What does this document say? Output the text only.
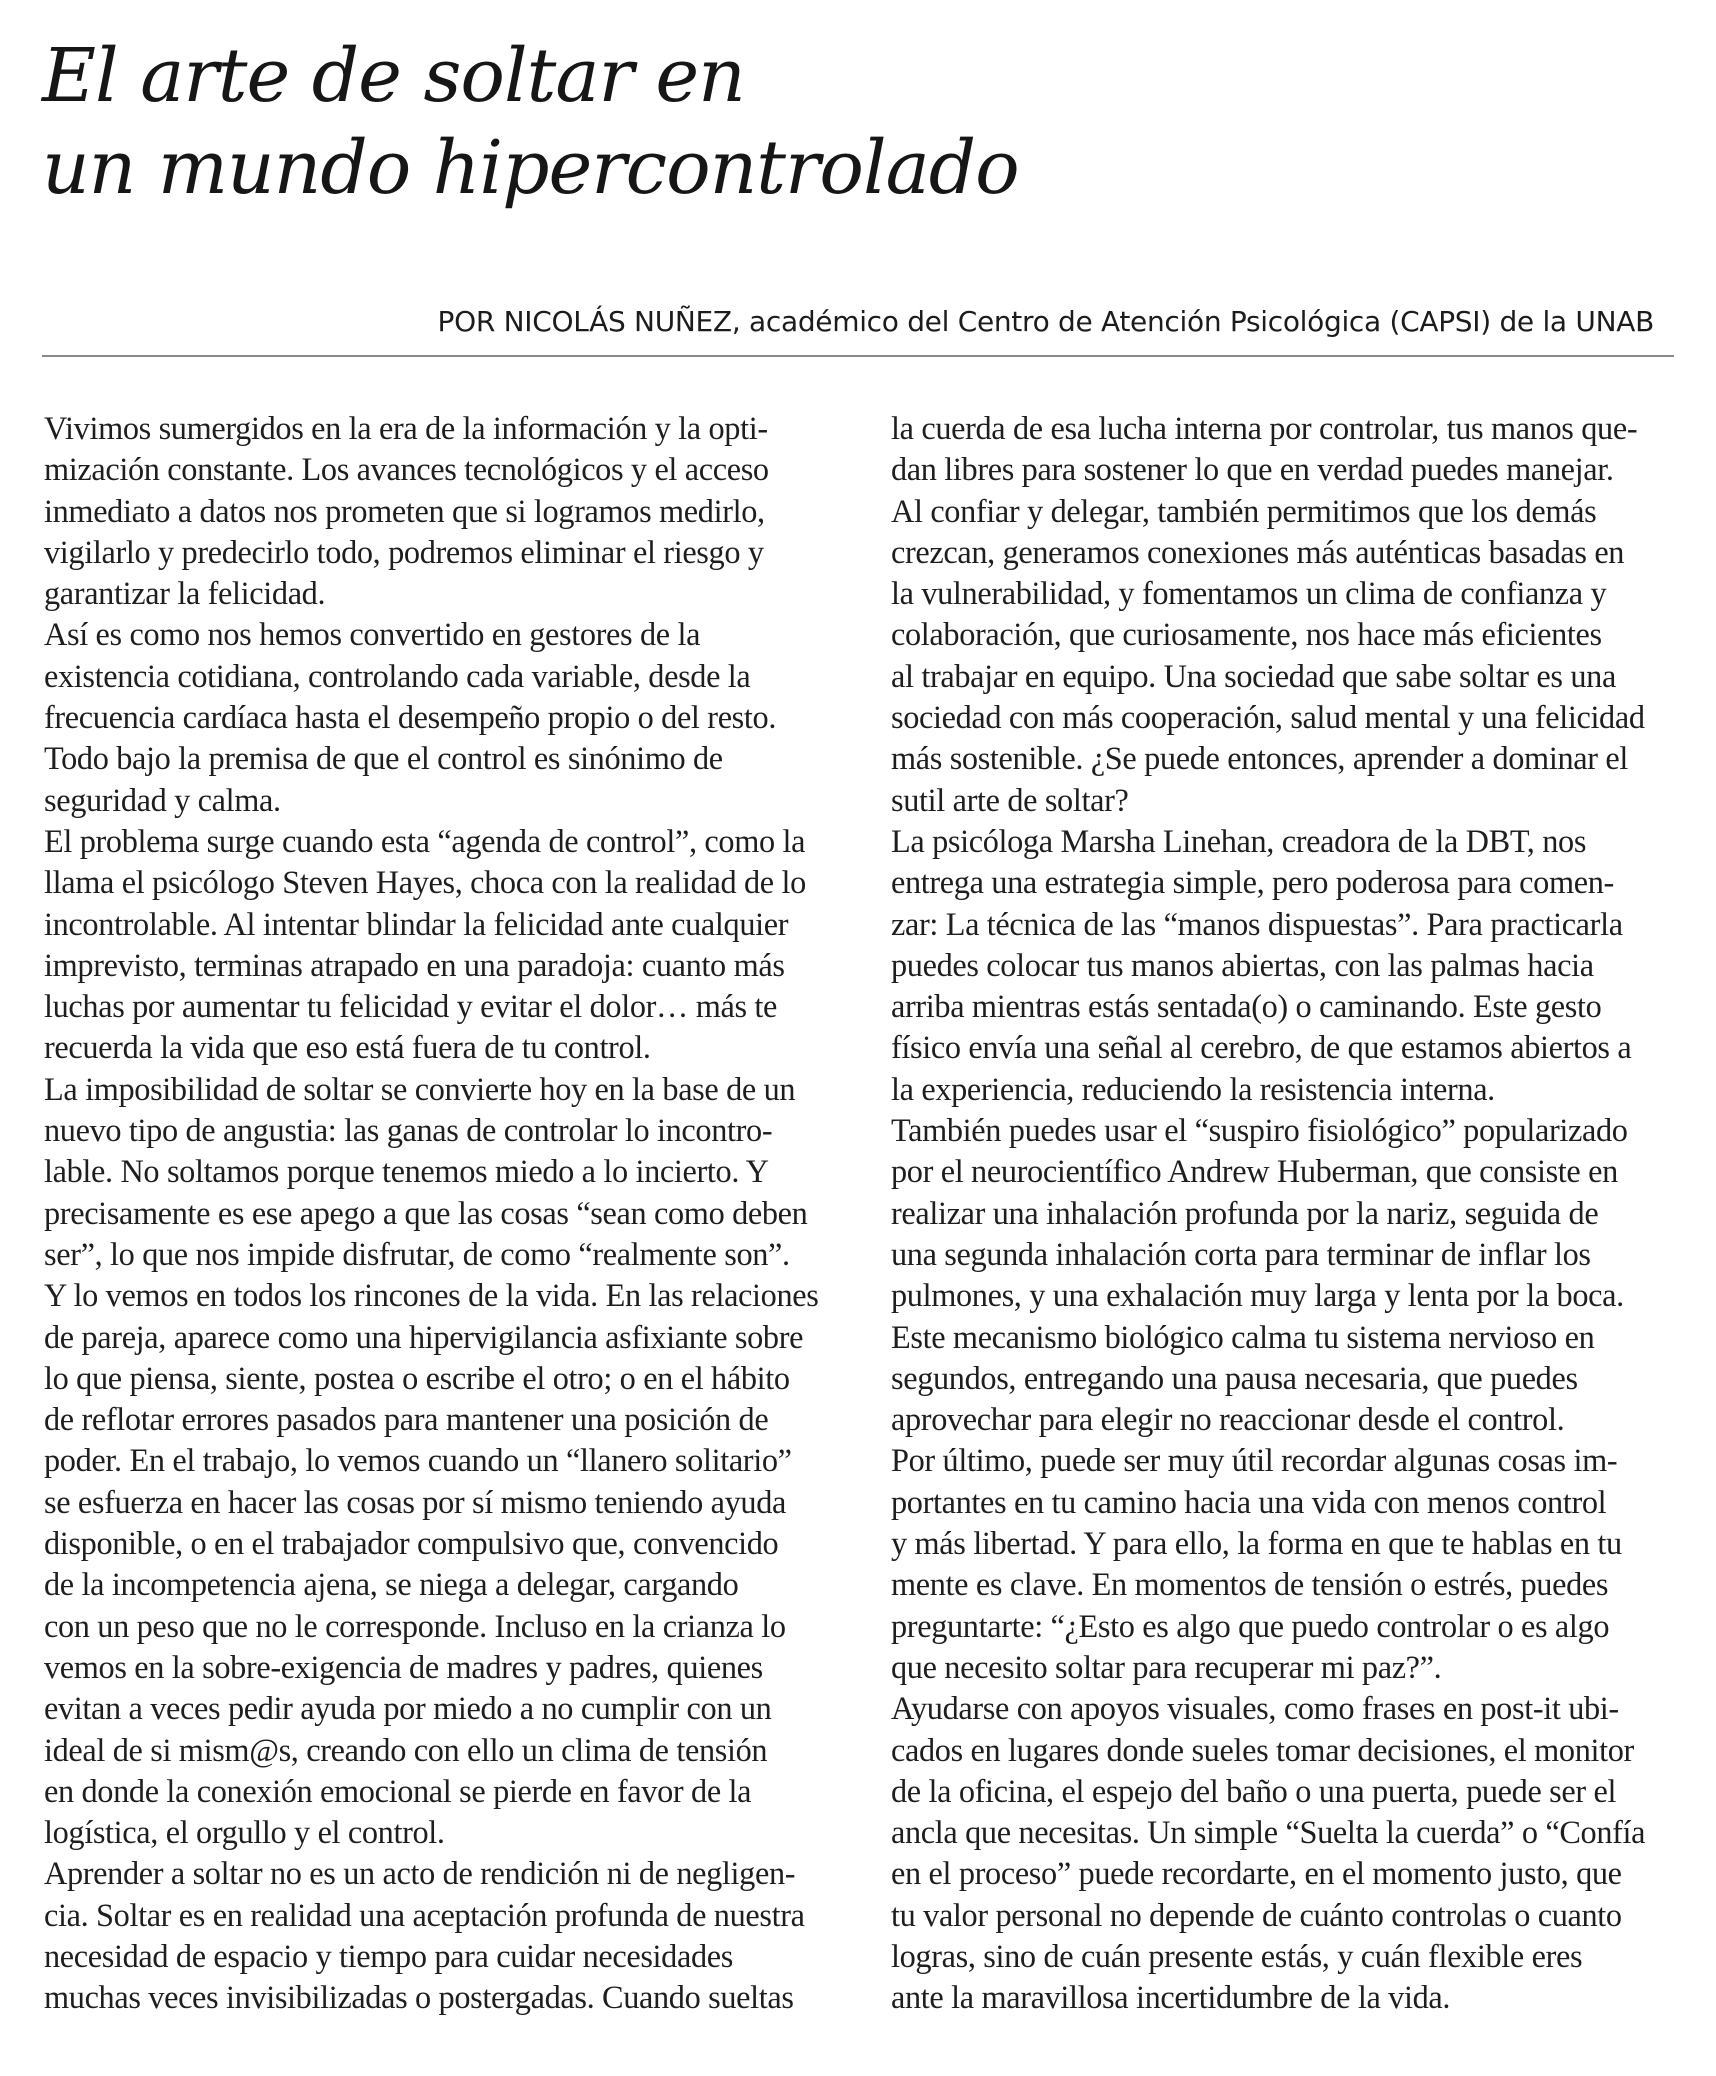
El arte de soltar en
un mundo hipercontrolado

POR NICOLÁS NUÑEZ, académico del Centro de Atención Psicológica (CAPSI) de la UNAB

Vivimos sumergidos en la era de la información y la opti-
mización constante. Los avances tecnológicos y el acceso
inmediato a datos nos prometen que si logramos medirlo,
vigilarlo y predecirlo todo, podremos eliminar el riesgo y
garantizar la felicidad.

Así es como nos hemos convertido en gestores de la
existencia cotidiana, controlando cada variable, desde la
frecuencia cardíaca hasta el desempeño propio o del resto.
Todo bajo la premisa de que el control es sinónimo de
seguridad y calma.

El problema surge cuando esta “agenda de control”, como la
llama el psicólogo Steven Hayes, choca con la realidad de lo
incontrolable. Al intentar blindar la felicidad ante cualquier
imprevisto, terminas atrapado en una paradoja: cuanto más
luchas por aumentar tu felicidad y evitar el dolor… más te
recuerda la vida que eso está fuera de tu control.

La imposibilidad de soltar se convierte hoy en la base de un
nuevo tipo de angustia: las ganas de controlar lo incontro-
lable. No soltamos porque tenemos miedo a lo incierto. Y
precisamente es ese apego a que las cosas “sean como deben
ser”, lo que nos impide disfrutar, de como “realmente son”.
Y lo vemos en todos los rincones de la vida. En las relaciones
de pareja, aparece como una hipervigilancia asfixiante sobre
lo que piensa, siente, postea o escribe el otro; o en el hábito
de reflotar errores pasados para mantener una posición de
poder. En el trabajo, lo vemos cuando un “llanero solitario”
se esfuerza en hacer las cosas por sí mismo teniendo ayuda
disponible, o en el trabajador compulsivo que, convencido
de la incompetencia ajena, se niega a delegar, cargando
con un peso que no le corresponde. Incluso en la crianza lo
vemos en la sobre-exigencia de madres y padres, quienes
evitan a veces pedir ayuda por miedo a no cumplir con un
ideal de si mism@s, creando con ello un clima de tensión
en donde la conexión emocional se pierde en favor de la
logística, el orgullo y el control.

Aprender a soltar no es un acto de rendición ni de negligen-
cia. Soltar es en realidad una aceptación profunda de nuestra
necesidad de espacio y tiempo para cuidar necesidades
muchas veces invisibilizadas o postergadas. Cuando sueltas

la cuerda de esa lucha interna por controlar, tus manos que-
dan libres para sostener lo que en verdad puedes manejar.
Al confiar y delegar, también permitimos que los demás
crezcan, generamos conexiones más auténticas basadas en
la vulnerabilidad, y fomentamos un clima de confianza y
colaboración, que curiosamente, nos hace más eficientes
al trabajar en equipo. Una sociedad que sabe soltar es una
sociedad con más cooperación, salud mental y una felicidad
más sostenible. ¿Se puede entonces, aprender a dominar el
sutil arte de soltar?

La psicóloga Marsha Linehan, creadora de la DBT, nos
entrega una estrategia simple, pero poderosa para comen-
zar: La técnica de las “manos dispuestas”. Para practicarla
puedes colocar tus manos abiertas, con las palmas hacia
arriba mientras estás sentada(o) o caminando. Este gesto
físico envía una señal al cerebro, de que estamos abiertos a
la experiencia, reduciendo la resistencia interna.

También puedes usar el “suspiro fisiológico” popularizado
por el neurocientífico Andrew Huberman, que consiste en
realizar una inhalación profunda por la nariz, seguida de
una segunda inhalación corta para terminar de inflar los
pulmones, y una exhalación muy larga y lenta por la boca.
Este mecanismo biológico calma tu sistema nervioso en
segundos, entregando una pausa necesaria, que puedes
aprovechar para elegir no reaccionar desde el control.

Por último, puede ser muy útil recordar algunas cosas im-
portantes en tu camino hacia una vida con menos control
y más libertad. Y para ello, la forma en que te hablas en tu
mente es clave. En momentos de tensión o estrés, puedes
preguntarte: “¿Esto es algo que puedo controlar o es algo
que necesito soltar para recuperar mi paz?”.

Ayudarse con apoyos visuales, como frases en post-it ubi-
cados en lugares donde sueles tomar decisiones, el monitor
de la oficina, el espejo del baño o una puerta, puede ser el
ancla que necesitas. Un simple “Suelta la cuerda” o “Confía
en el proceso” puede recordarte, en el momento justo, que
tu valor personal no depende de cuánto controlas o cuanto
logras, sino de cuán presente estás, y cuán flexible eres
ante la maravillosa incertidumbre de la vida.
